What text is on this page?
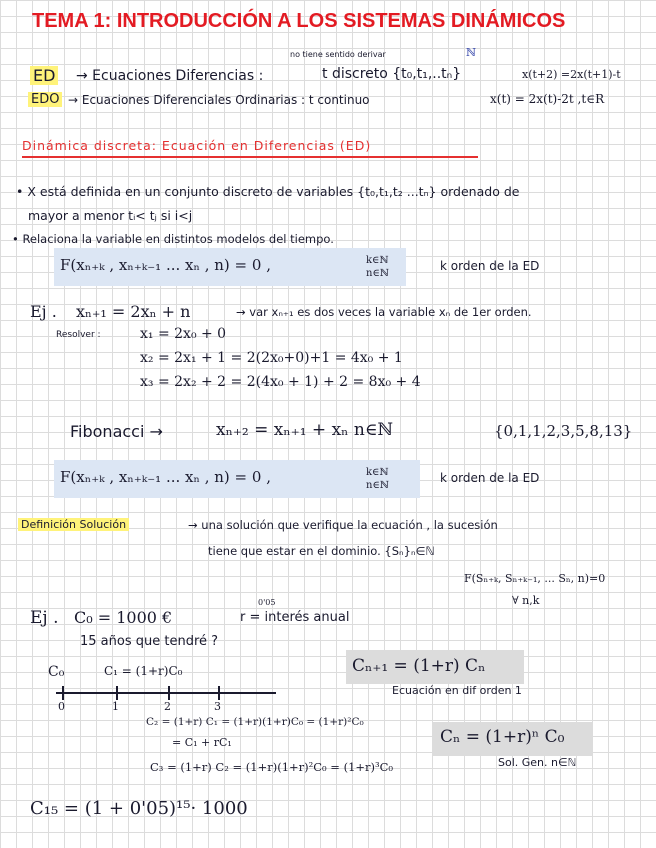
TEMA 1: INTRODUCCIÓN A LOS SISTEMAS DINÁMICOS
no tiene sentido derivar	ℕ
ED → Ecuaciones Diferencias :	t discreto {t₀,t₁,..tₙ}	x(t+2) =2x(t+1)-t
EDO → Ecuaciones Diferenciales Ordinarias : t continuo	x(t) = 2x(t)-2t ,t∈R
Dinámica discreta: Ecuación en Diferencias (ED)
• X está definida en un conjunto discreto de variables {t₀,t₁,t₂ ...tₙ} ordenado de
mayor a menor tᵢ< tⱼ si i<j
• Relaciona la variable en distintos modelos del tiempo.
F(xₙ₊ₖ , xₙ₊ₖ₋₁ ... xₙ , n) = 0 ,	k∈ℕ
n∈ℕ
k orden de la ED
Ej . xₙ₊₁ = 2xₙ + n	→ var xₙ₊₁ es dos veces la variable xₙ de 1er orden.
Resolver :	x₁ = 2x₀ + 0
x₂ = 2x₁ + 1 = 2(2x₀+0)+1 = 4x₀ + 1
x₃ = 2x₂ + 2 = 2(4x₀ + 1) + 2 = 8x₀ + 4
Fibonacci →	xₙ₊₂ = xₙ₊₁ + xₙ n∈ℕ	{0,1,1,2,3,5,8,13}
F(xₙ₊ₖ , xₙ₊ₖ₋₁ ... xₙ , n) = 0 ,	k∈ℕ
n∈ℕ
k orden de la ED
Definición Solución	→ una solución que verifique la ecuación , la sucesión
tiene que estar en el dominio. {Sₙ}ₙ∈ℕ
F(Sₙ₊ₖ, Sₙ₊ₖ₋₁, ... Sₙ, n)=0
∀ n,k
Ej . C₀ = 1000 €
0'05
r = interés anual
15 años que tendré ?
C₀	C₁ = (1+r)C₀
0	1	2	3
Cₙ₊₁ = (1+r) Cₙ
Ecuación en dif orden 1
C₂ = (1+r) C₁ = (1+r)(1+r)C₀ = (1+r)²C₀
= C₁ + rC₁
C₃ = (1+r) C₂ = (1+r)(1+r)²C₀ = (1+r)³C₀
Cₙ = (1+r)ⁿ C₀
Sol. Gen. n∈ℕ
C₁₅ = (1 + 0'05)¹⁵· 1000
